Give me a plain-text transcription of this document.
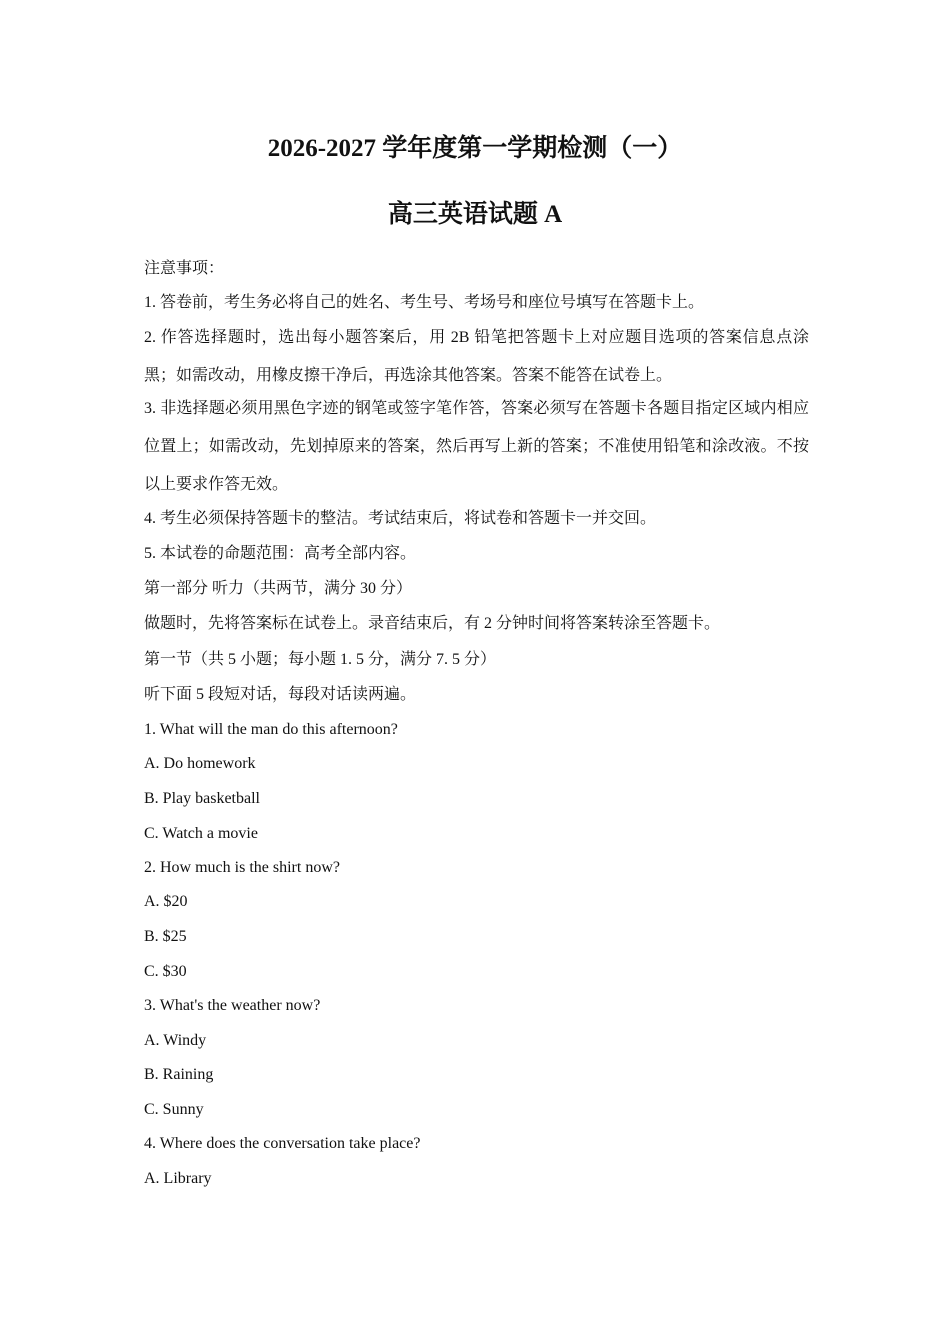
2026-2027 学年度第一学期检测（一）
高三英语试题 A

注意事项：

1. 答卷前，考生务必将自己的姓名、考生号、考场号和座位号填写在答题卡上。

2. 作答选择题时，选出每小题答案后，用 2B 铅笔把答题卡上对应题目选项的答案信息点涂黑；如需改动，用橡皮擦干净后，再选涂其他答案。答案不能答在试卷上。

3. 非选择题必须用黑色字迹的钢笔或签字笔作答，答案必须写在答题卡各题目指定区域内相应位置上；如需改动，先划掉原来的答案，然后再写上新的答案；不准使用铅笔和涂改液。不按以上要求作答无效。

4. 考生必须保持答题卡的整洁。考试结束后，将试卷和答题卡一并交回。

5. 本试卷的命题范围：高考全部内容。

第一部分 听力（共两节，满分 30 分）

做题时，先将答案标在试卷上。录音结束后，有 2 分钟时间将答案转涂至答题卡。

第一节（共 5 小题；每小题 1. 5 分，满分 7. 5 分）

听下面 5 段短对话，每段对话读两遍。

1. What will the man do this afternoon?

A. Do homework

B. Play basketball

C. Watch a movie

2. How much is the shirt now?

A. $20

B. $25

C. $30

3. What's the weather now?

A. Windy

B. Raining

C. Sunny

4. Where does the conversation take place?

A. Library
